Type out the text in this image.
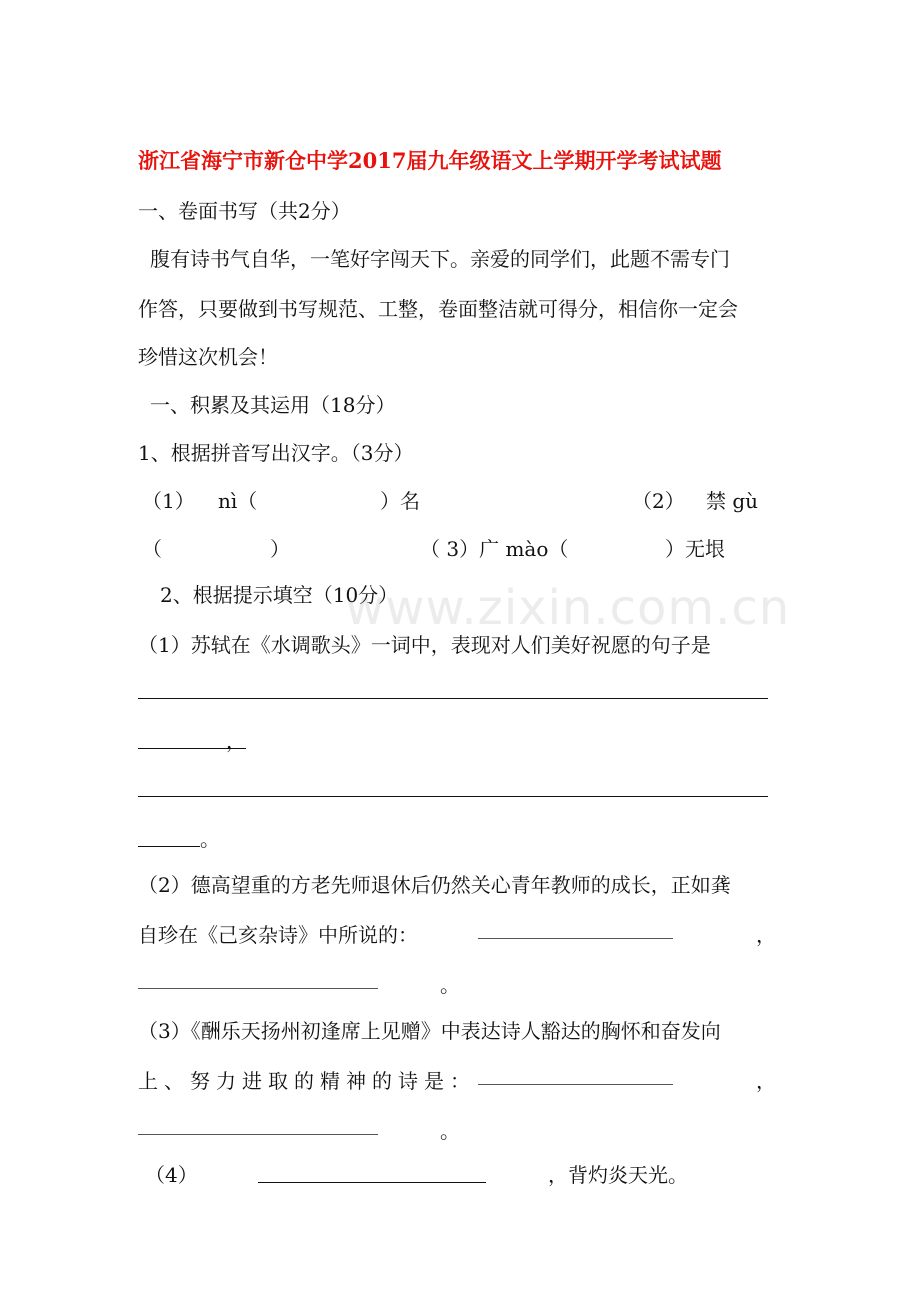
www.zixin.com.cn
浙江省海宁市新仓中学2017届九年级语文上学期开学考试试题
一、卷面书写（共2分）
腹有诗书气自华，一笔好字闯天下。亲爱的同学们，此题不需专门
作答，只要做到书写规范、工整，卷面整洁就可得分，相信你一定会
珍惜这次机会！
一、积累及其运用（18分）
1、根据拼音写出汉字。（3分）
（1） nì（	）名	（2） 禁 gù
（	）	（ 3）广 mào（	）无垠
2、根据提示填空（10分）
（1）苏轼在《水调歌头》一词中，表现对人们美好祝愿的句子是
，
。
（2）德高望重的方老先师退休后仍然关心青年教师的成长，正如龚
自珍在《己亥杂诗》中所说的：	，
。
（3）《酬乐天扬州初逢席上见赠》中表达诗人豁达的胸怀和奋发向
上、努力进取的精神的诗是：	，
。
（4）	，背灼炎天光。
